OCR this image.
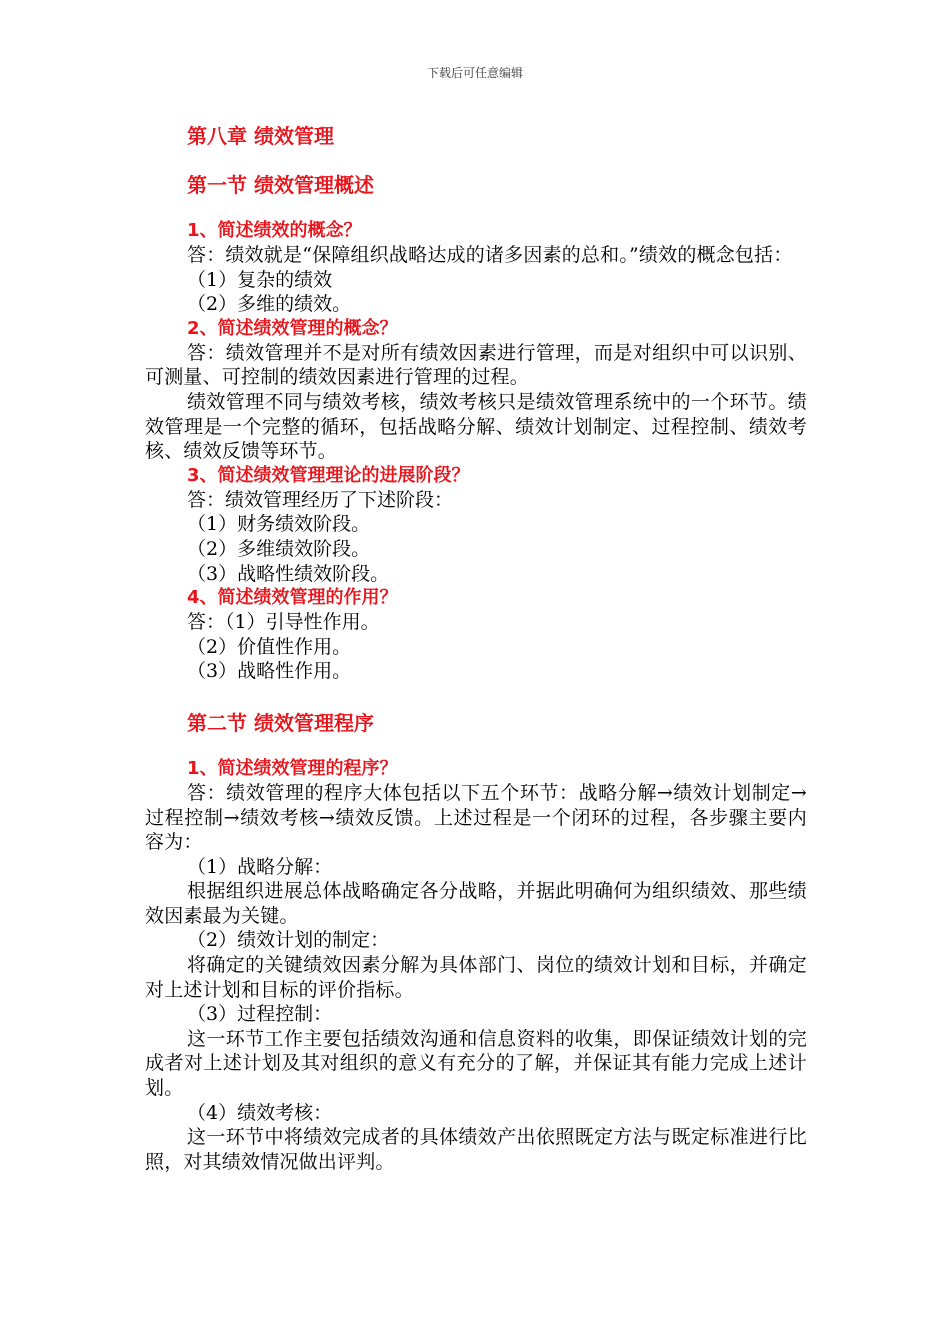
下载后可任意编辑
第八章 绩效管理
第一节 绩效管理概述
1、简述绩效的概念？
答：绩效就是“保障组织战略达成的诸多因素的总和。”绩效的概念包括：
（1）复杂的绩效
（2）多维的绩效。
2、简述绩效管理的概念？
答：绩效管理并不是对所有绩效因素进行管理，而是对组织中可以识别、可测量、可控制的绩效因素进行管理的过程。
绩效管理不同与绩效考核，绩效考核只是绩效管理系统中的一个环节。绩效管理是一个完整的循环，包括战略分解、绩效计划制定、过程控制、绩效考核、绩效反馈等环节。
3、简述绩效管理理论的进展阶段？
答：绩效管理经历了下述阶段：
（1）财务绩效阶段。
（2）多维绩效阶段。
（3）战略性绩效阶段。
4、简述绩效管理的作用？
答：（1）引导性作用。
（2）价值性作用。
（3）战略性作用。
第二节 绩效管理程序
1、简述绩效管理的程序？
答：绩效管理的程序大体包括以下五个环节：战略分解→绩效计划制定→过程控制→绩效考核→绩效反馈。上述过程是一个闭环的过程，各步骤主要内容为：
（1）战略分解：
根据组织进展总体战略确定各分战略，并据此明确何为组织绩效、那些绩效因素最为关键。
（2）绩效计划的制定：
将确定的关键绩效因素分解为具体部门、岗位的绩效计划和目标，并确定对上述计划和目标的评价指标。
（3）过程控制：
这一环节工作主要包括绩效沟通和信息资料的收集，即保证绩效计划的完成者对上述计划及其对组织的意义有充分的了解，并保证其有能力完成上述计划。
（4）绩效考核：
这一环节中将绩效完成者的具体绩效产出依照既定方法与既定标准进行比照，对其绩效情况做出评判。
